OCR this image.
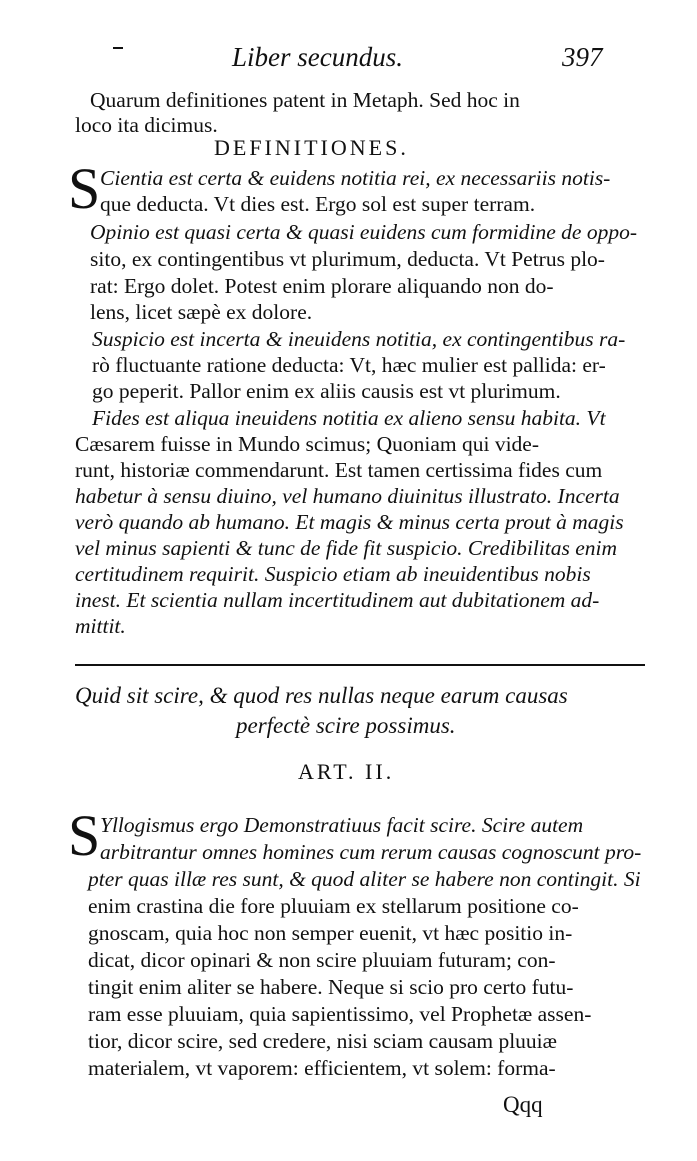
Liber secundus.	397
Quarum definitiones patent in Metaph. Sed hoc in
loco ita dicimus.
DEFINITIONES.
S Cientia est certa & euidens notitia rei, ex necessariis notis-
que deducta. Vt dies est. Ergo sol est super terram.
Opinio est quasi certa & quasi euidens cum formidine de oppo-
sito, ex contingentibus vt plurimum, deducta. Vt Petrus plo-
rat: Ergo dolet. Potest enim plorare aliquando non do-
lens, licet sæpè ex dolore.
Suspicio est incerta & ineuidens notitia, ex contingentibus ra-
rò fluctuante ratione deducta: Vt, hæc mulier est pallida: er-
go peperit. Pallor enim ex aliis causis est vt plurimum.
Fides est aliqua ineuidens notitia ex alieno sensu habita. Vt
Cæsarem fuisse in Mundo scimus; Quoniam qui vide-
runt, historiæ commendarunt. Est tamen certissima fides cum
habetur à sensu diuino, vel humano diuinitus illustrato. Incerta
verò quando ab humano. Et magis & minus certa prout à magis
vel minus sapienti & tunc de fide fit suspicio. Credibilitas enim
certitudinem requirit. Suspicio etiam ab ineuidentibus nobis
inest. Et scientia nullam incertitudinem aut dubitationem ad-
mittit.
Quid sit scire, & quod res nullas neque earum causas
perfectè scire possimus.
ART. II.
S Yllogismus ergo Demonstratiuus facit scire. Scire autem
arbitrantur omnes homines cum rerum causas cognoscunt pro-
pter quas illæ res sunt, & quod aliter se habere non contingit. Si
enim crastina die fore pluuiam ex stellarum positione co-
gnoscam, quia hoc non semper euenit, vt hæc positio in-
dicat, dicor opinari & non scire pluuiam futuram; con-
tingit enim aliter se habere. Neque si scio pro certo futu-
ram esse pluuiam, quia sapientissimo, vel Prophetæ assen-
tior, dicor scire, sed credere, nisi sciam causam pluuiæ
materialem, vt vaporem: efficientem, vt solem: forma-
Qqq
